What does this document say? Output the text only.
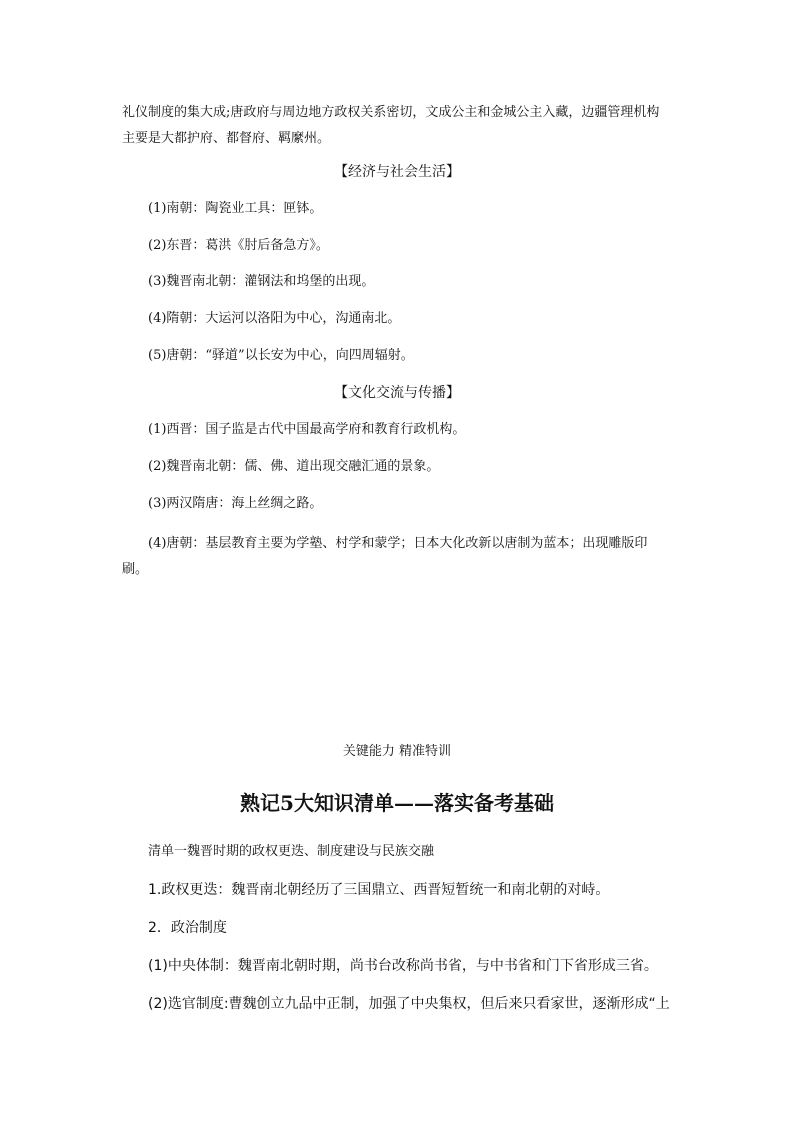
礼仪制度的集大成;唐政府与周边地方政权关系密切，文成公主和金城公主入藏，边疆管理机构主要是大都护府、都督府、羁縻州。
【经济与社会生活】
(1)南朝：陶瓷业工具：匣钵。
(2)东晋：葛洪《肘后备急方》。
(3)魏晋南北朝：灌钢法和坞堡的出现。
(4)隋朝：大运河以洛阳为中心，沟通南北。
(5)唐朝：“驿道”以长安为中心，向四周辐射。
【文化交流与传播】
(1)西晋：国子监是古代中国最高学府和教育行政机构。
(2)魏晋南北朝：儒、佛、道出现交融汇通的景象。
(3)两汉隋唐：海上丝绸之路。
(4)唐朝：基层教育主要为学塾、村学和蒙学；日本大化改新以唐制为蓝本；出现雕版印刷。
关键能力 精准特训
熟记5大知识清单——落实备考基础
清单一魏晋时期的政权更迭、制度建设与民族交融
1.政权更迭：魏晋南北朝经历了三国鼎立、西晋短暂统一和南北朝的对峙。
2．政治制度
(1)中央体制：魏晋南北朝时期，尚书台改称尚书省，与中书省和门下省形成三省。
(2)选官制度:曹魏创立九品中正制，加强了中央集权，但后来只看家世，逐渐形成“上
